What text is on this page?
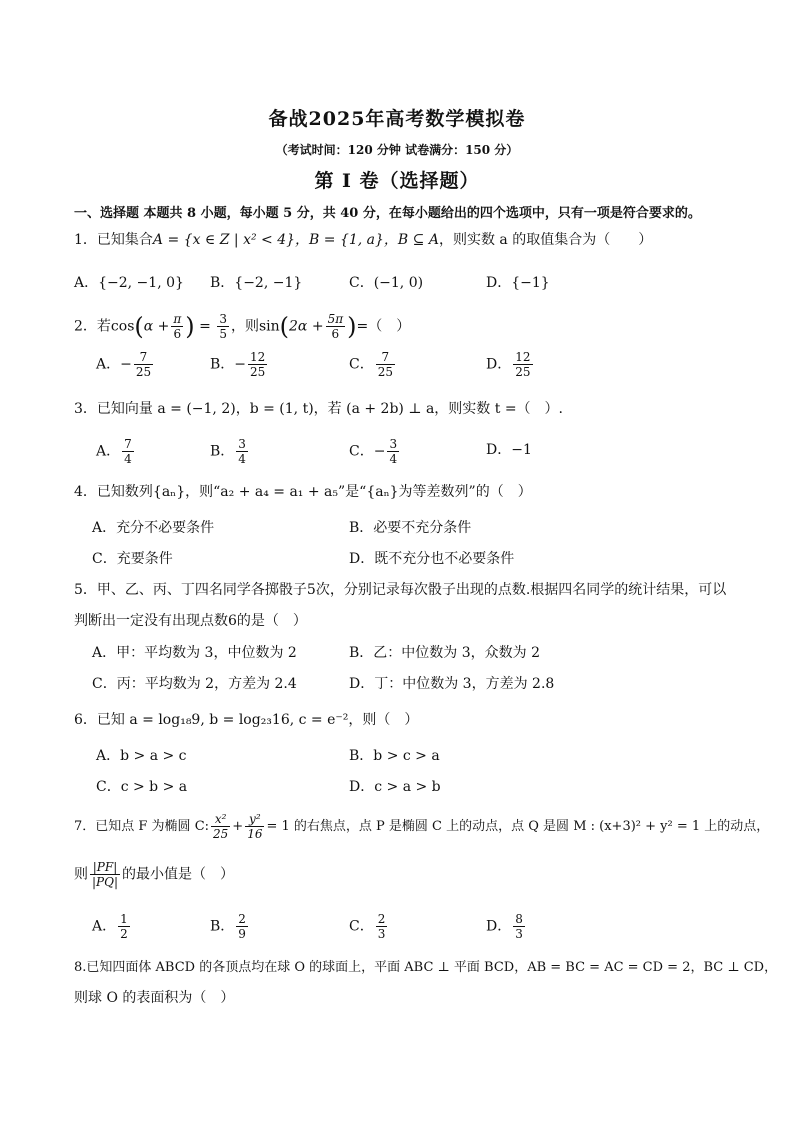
备战2025年高考数学模拟卷
（考试时间：120 分钟 试卷满分：150 分）
第 I 卷（选择题）
一、选择题 本题共 8 小题，每小题 5 分，共 40 分，在每小题给出的四个选项中，只有一项是符合要求的。
1．已知集合A = {x ∈ Z | x² < 4}，B = {1, a}，B ⊆ A，则实数 a 的取值集合为（　　）
A．{−2, −1, 0} B．{−2, −1}	C．(−1, 0)	D．{−1}
2．若$\cos(\alpha + \frac{\pi}{6}$ ) = $\frac{3}{5}$ ，则$\sin(2\alpha + \frac{5\pi}{6}$ )=（　）
A．− $\frac{7}{25}$	B．− $\frac{12}{25}$	C． $\frac{7}{25}$	D． $\frac{12}{25}$
3．已知向量 a = (−1, 2)，b = (1, t)，若 (a + 2b) ⊥ a，则实数 t =（　）.
A． $\frac{7}{4}$	B． $\frac{3}{4}$	C．− $\frac{3}{4}$	D．−1
4．已知数列{aₙ}，则“a₂ + a₄ = a₁ + a₅”是“{aₙ}为等差数列”的（　）
A．充分不必要条件	B．必要不充分条件
C．充要条件	D．既不充分也不必要条件
5．甲、乙、丙、丁四名同学各掷骰子5次，分别记录每次骰子出现的点数.根据四名同学的统计结果，可以
判断出一定没有出现点数6的是（　）
A．甲：平均数为 3，中位数为 2	B．乙：中位数为 3，众数为 2
C．丙：平均数为 2，方差为 2.4	D．丁：中位数为 3，方差为 2.8
6．已知 a = log₁₈9, b = log₂₃16, c = e⁻²，则（　）
A．b > a > c	B．b > c > a
C．c > b > a	D．c > a > b
7．已知点 F 为椭圆 C: $\frac{\text{x²}}{25} + \frac{\text{y²}}{16} = 1$ 的右焦点，点 P 是椭圆 C 上的动点，点 Q 是圆 M : (x+3)² + y² = 1 上的动点，
则 $\frac{|PF|}{|PQ|}$ 的最小值是（　）
A． $\frac{1}{2}$	B． $\frac{2}{9}$	C． $\frac{2}{3}$	D． $\frac{8}{3}$
8.已知四面体 ABCD 的各顶点均在球 O 的球面上，平面 ABC ⊥ 平面 BCD，AB = BC = AC = CD = 2，BC ⊥ CD，
则球 O 的表面积为（　）
